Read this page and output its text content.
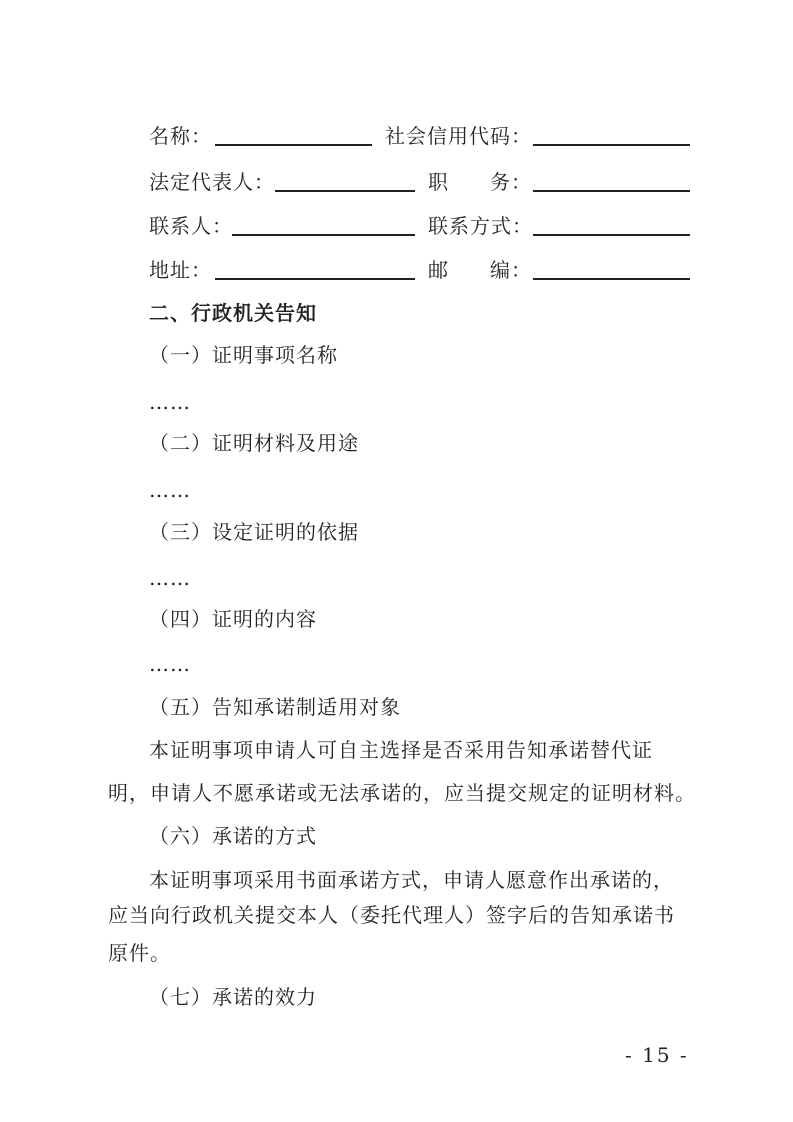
名称：	社会信用代码：
法定代表人：	职 务：
联系人：	联系方式：
地址：	邮 编：
二、行政机关告知
（一）证明事项名称
……
（二）证明材料及用途
……
（三）设定证明的依据
……
（四）证明的内容
……
（五）告知承诺制适用对象
本证明事项申请人可自主选择是否采用告知承诺替代证
明，申请人不愿承诺或无法承诺的，应当提交规定的证明材料。
（六）承诺的方式
本证明事项采用书面承诺方式，申请人愿意作出承诺的，
应当向行政机关提交本人（委托代理人）签字后的告知承诺书
原件。
（七）承诺的效力
- 15 -
